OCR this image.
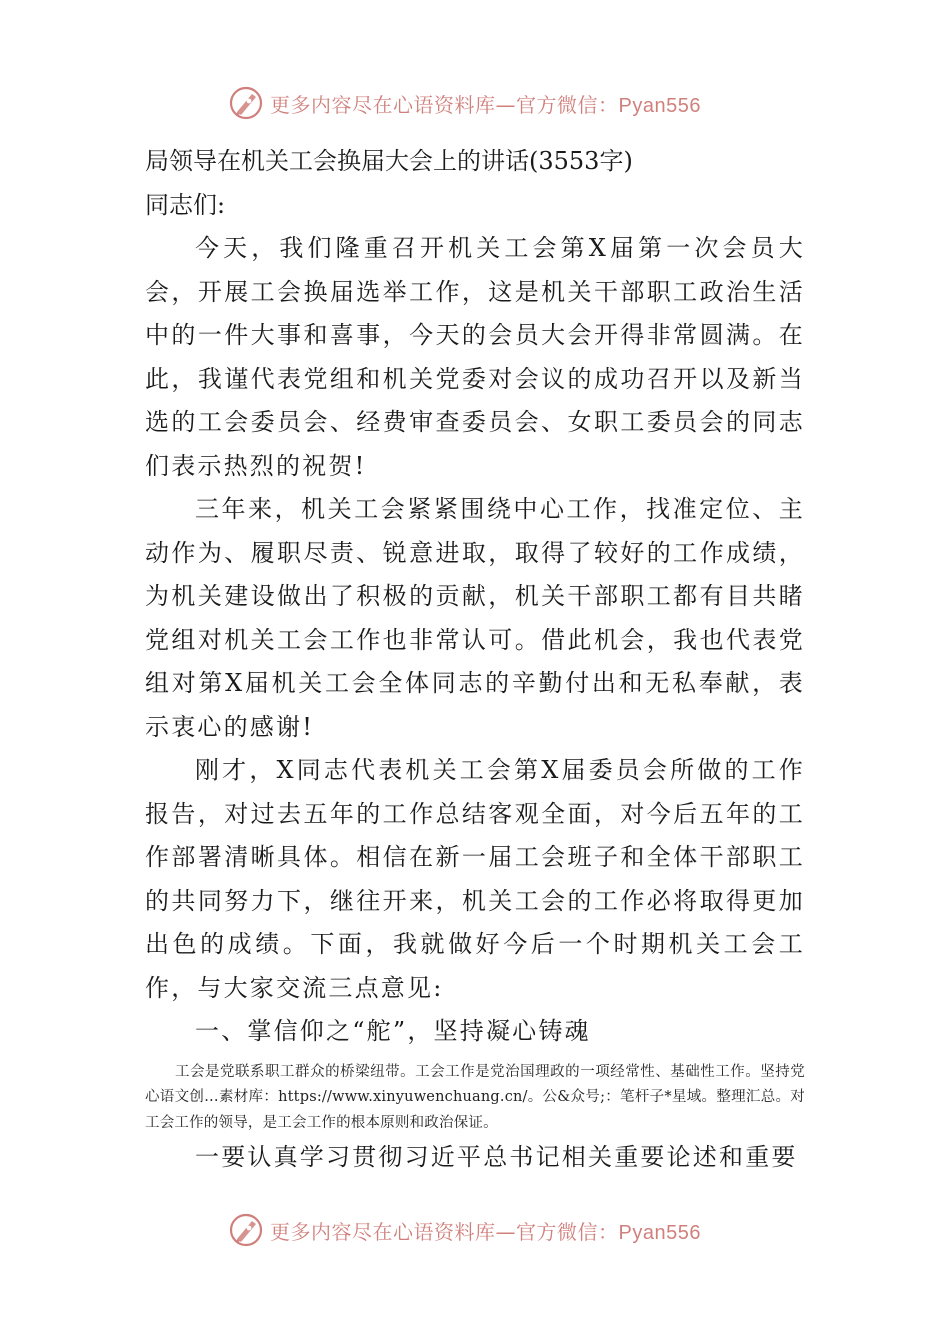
更多内容尽在心语资料库—官方微信：Pyan556
局领导在机关工会换届大会上的讲话(3553字)
同志们:

今天，我们隆重召开机关工会第X届第一次会员大会，开展工会换届选举工作，这是机关干部职工政治生活中的一件大事和喜事，今天的会员大会开得非常圆满。在此，我谨代表党组和机关党委对会议的成功召开以及新当选的工会委员会、经费审查委员会、女职工委员会的同志们表示热烈的祝贺!

三年来，机关工会紧紧围绕中心工作，找准定位、主动作为、履职尽责、锐意进取，取得了较好的工作成绩，为机关建设做出了积极的贡献，机关干部职工都有目共睹党组对机关工会工作也非常认可。借此机会，我也代表党组对第X届机关工会全体同志的辛勤付出和无私奉献，表示衷心的感谢!

刚才，X同志代表机关工会第X届委员会所做的工作报告，对过去五年的工作总结客观全面，对今后五年的工作部署清晰具体。相信在新一届工会班子和全体干部职工的共同努力下，继往开来，机关工会的工作必将取得更加出色的成绩。下面，我就做好今后一个时期机关工会工作，与大家交流三点意见:

一、掌信仰之“舵”，坚持凝心铸魂

工会是党联系职工群众的桥梁纽带。工会工作是党治国理政的一项经常性、基础性工作。坚持党心语文创…素材库：https://www.xinyuwenchuang.cn/。公&众号;：笔杆子*星域。整理汇总。对工会工作的领导，是工会工作的根本原则和政治保证。

一要认真学习贯彻习近平总书记相关重要论述和重要

更多内容尽在心语资料库—官方微信：Pyan556
